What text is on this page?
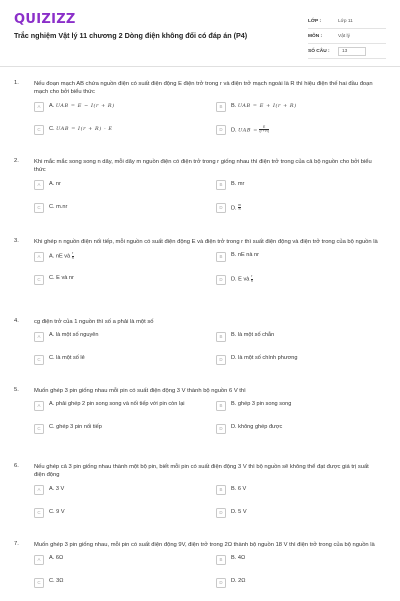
QUIZIZZ
Trắc nghiệm Vật lý 11 chương 2 Dòng điện không đổi có đáp án (P4)
LỚP :	Lớp 11
MÔN :	Vật lý
SỐ CÂU :	13
1.	Nếu đoạn mạch AB chứa nguồn điện có suất điện động E điện trở trong r và điện trở mạch ngoài là R thì hiệu điện thế hai đầu đoạn mạch cho bởi biểu thức
A	A. UAB = E − I(r + R)	B	B. UAB = E + I(r + R)
C	C. UAB = I(r + R) - E	D	D. UAB = $\frac{E}{(r + R)}$
2.	Khi mắc mắc song song n dãy, mỗi dãy m nguồn điện có điện trở trong r giống nhau thì điện trở trong của cả bộ nguồn cho bởi biểu thức
A	A. nr	B	B. mr
C	C. m.nr	D	D. $\frac{m}{n}$
3.	Khi ghép n nguồn điện nối tiếp, mỗi nguồn có suất điện động E và điện trở trong r thì suất điện động và điện trở trong của bộ nguồn là
A	A. nE và $\frac{r}{n}$	B	B. nE nà nr
C	C. E và nr	D	D. E và $\frac{r}{n}$
4.	cg điện trở của 1 nguồn thì số a phải là một số
A	A. là một số nguyên	B	B. là một số chẵn
C	C. là một số lẻ	D	D. là một số chính phương
5.	Muốn ghép 3 pin giống nhau mỗi pin có suất điện động 3 V thành bộ nguồn 6 V thì
A	A. phải ghép 2 pin song song và nối tiếp với pin còn lại	B	B. ghép 3 pin song song
C	C. ghép 3 pin nối tiếp	D	D. không ghép được
6.	Nếu ghép cả 3 pin giống nhau thành một bộ pin, biết mỗi pin có suất điện động 3 V thì bộ nguồn sẽ không thể đạt được giá trị suất điện động
A	A. 3 V	B	B. 6 V
C	C. 9 V	D	D. 5 V
7.	Muốn ghép 3 pin giống nhau, mỗi pin có suất điện động 9V, điện trở trong 2Ω thành bộ nguồn 18 V thì điện trở trong của bộ nguồn là
A	A. 6Ω	B	B. 4Ω
C	C. 3Ω	D	D. 2Ω
